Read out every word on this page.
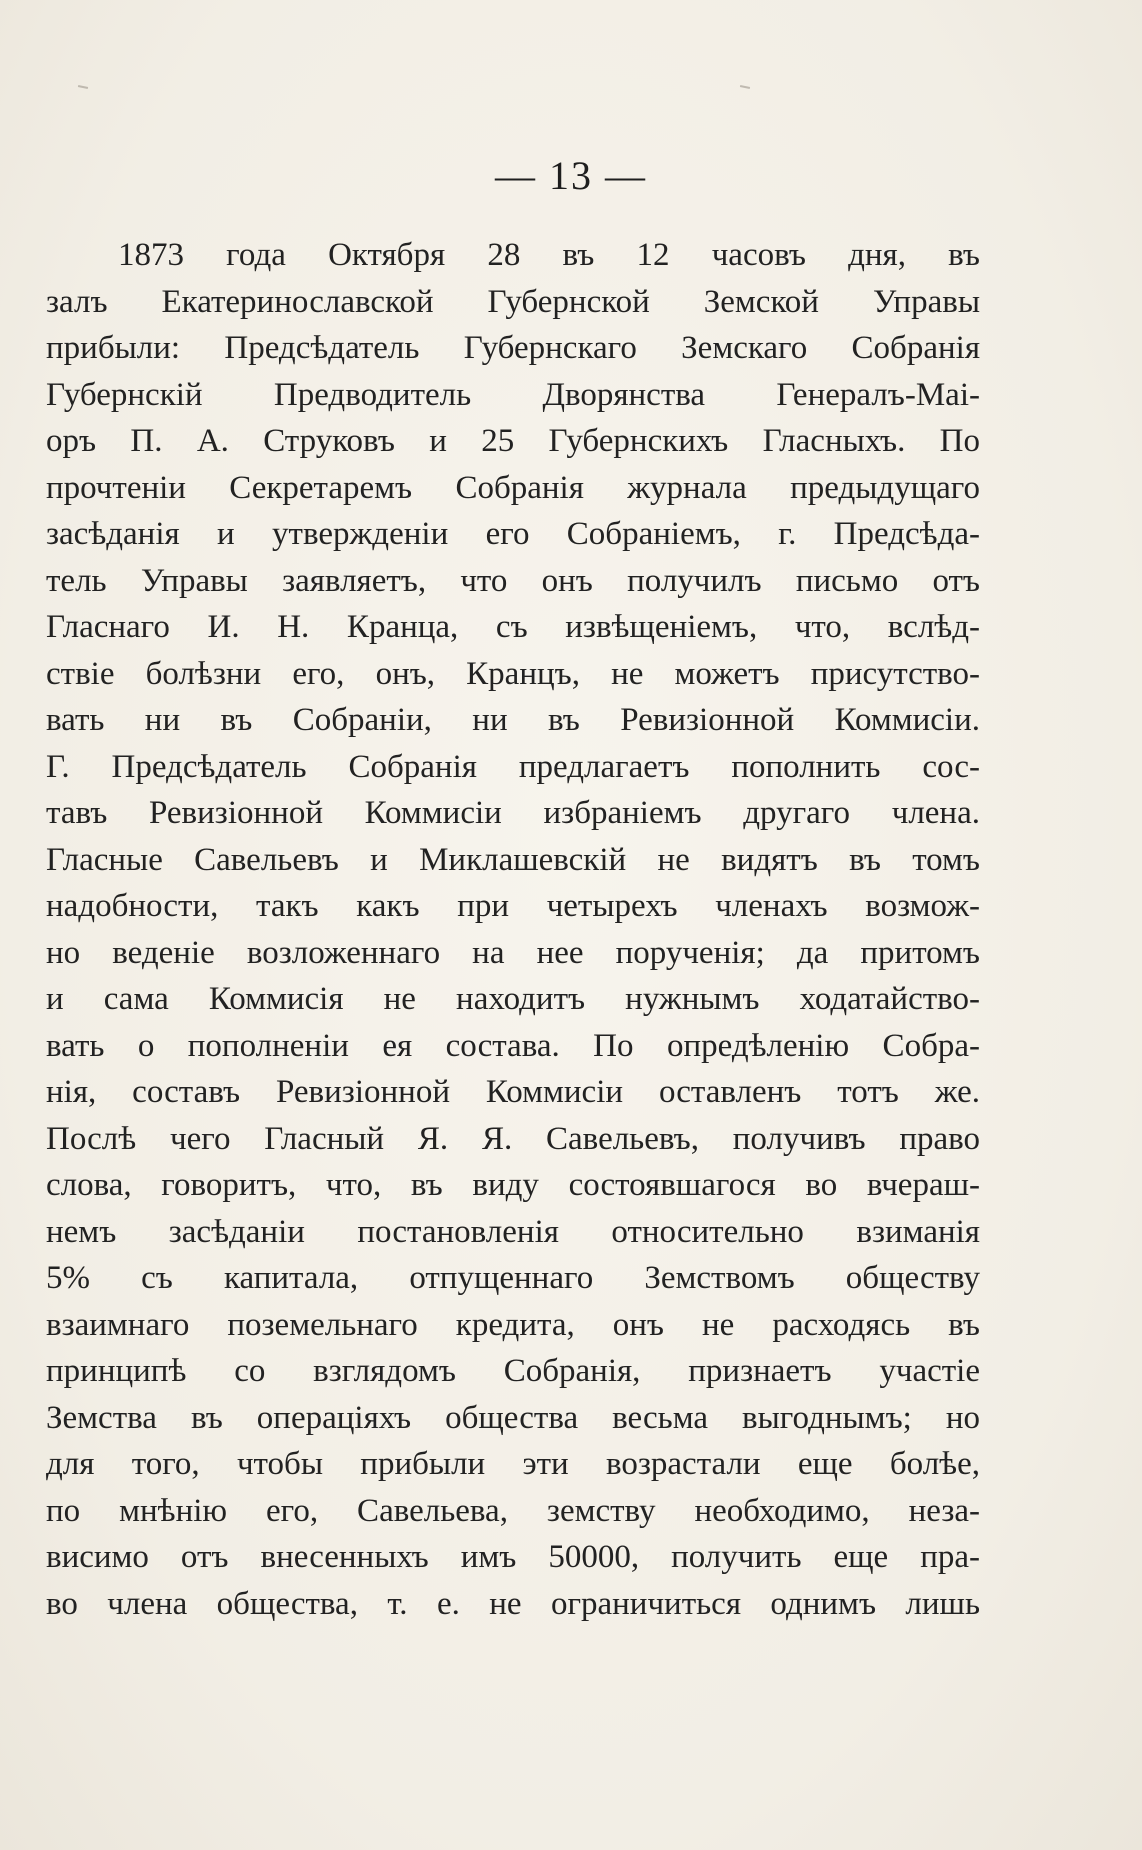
— 13 —
1873 года Октября 28 въ 12 часовъ дня, въ
залъ Екатеринославской Губернской Земской Управы
прибыли: Предсѣдатель Губернскаго Земскаго Собранія
Губернскій Предводитель Дворянства Генералъ-Маі-
оръ П. А. Струковъ и 25 Губернскихъ Гласныхъ. По
прочтеніи Секретаремъ Собранія журнала предыдущаго
засѣданія и утвержденіи его Собраніемъ, г. Предсѣда-
тель Управы заявляетъ, что онъ получилъ письмо отъ
Гласнаго И. Н. Кранца, съ извѣщеніемъ, что, вслѣд-
ствіе болѣзни его, онъ, Кранцъ, не можетъ присутство-
вать ни въ Собраніи, ни въ Ревизіонной Коммисіи.
Г. Предсѣдатель Собранія предлагаетъ пополнить сос-
тавъ Ревизіонной Коммисіи избраніемъ другаго члена.
Гласные Савельевъ и Миклашевскій не видятъ въ томъ
надобности, такъ какъ при четырехъ членахъ возмож-
но веденіе возложеннаго на нее порученія; да притомъ
и сама Коммисія не находитъ нужнымъ ходатайство-
вать о пополненіи ея состава. По опредѣленію Собра-
нія, составъ Ревизіонной Коммисіи оставленъ тотъ же.
Послѣ чего Гласный Я. Я. Савельевъ, получивъ право
слова, говоритъ, что, въ виду состоявшагося во вчераш-
немъ засѣданіи постановленія относительно взиманія
5% съ капитала, отпущеннаго Земствомъ обществу
взаимнаго поземельнаго кредита, онъ не расходясь въ
принципѣ со взглядомъ Собранія, признаетъ участіе
Земства въ операціяхъ общества весьма выгоднымъ; но
для того, чтобы прибыли эти возрастали еще болѣе,
по мнѣнію его, Савельева, земству необходимо, неза-
висимо отъ внесенныхъ имъ 50000, получить еще пра-
во члена общества, т. е. не ограничиться однимъ лишь
